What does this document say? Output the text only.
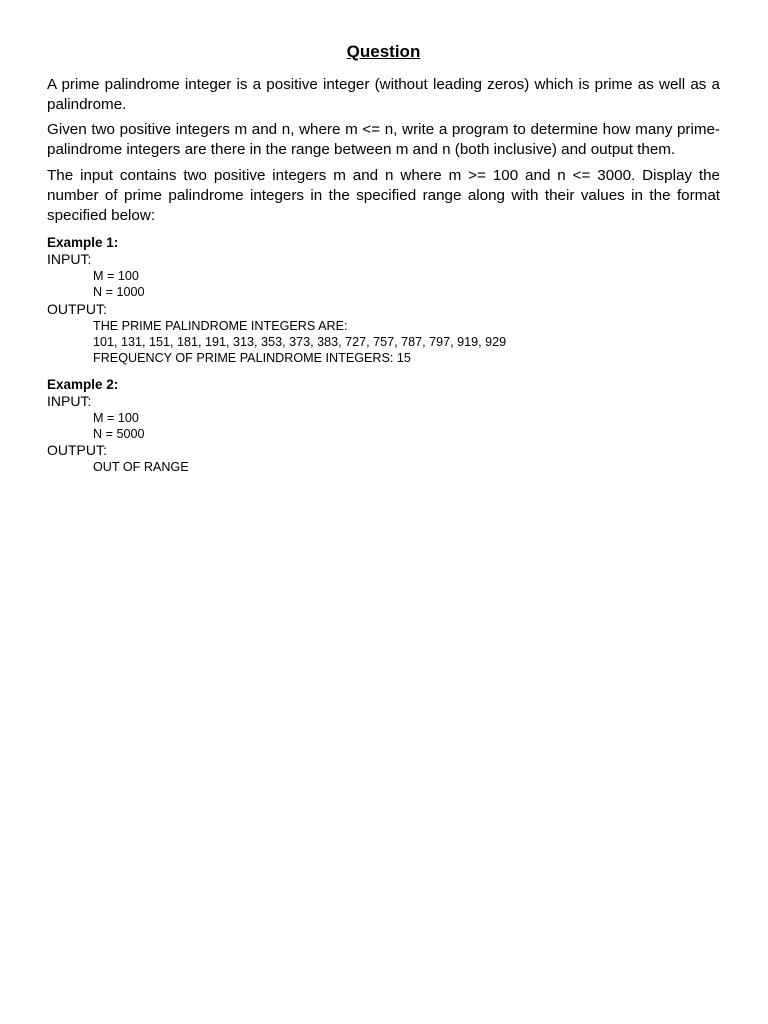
Question

A prime palindrome integer is a positive integer (without leading zeros) which is prime as well as a palindrome.

Given two positive integers m and n, where m <= n, write a program to determine how many prime-palindrome integers are there in the range between m and n (both inclusive) and output them.

The input contains two positive integers m and n where m >= 100 and n <= 3000. Display the number of prime palindrome integers in the specified range along with their values in the format specified below:

Example 1:
INPUT:
M = 100
N = 1000
OUTPUT:
THE PRIME PALINDROME INTEGERS ARE:
101, 131, 151, 181, 191, 313, 353, 373, 383, 727, 757, 787, 797, 919, 929
FREQUENCY OF PRIME PALINDROME INTEGERS: 15
Example 2:
INPUT:
M = 100
N = 5000
OUTPUT:
OUT OF RANGE
